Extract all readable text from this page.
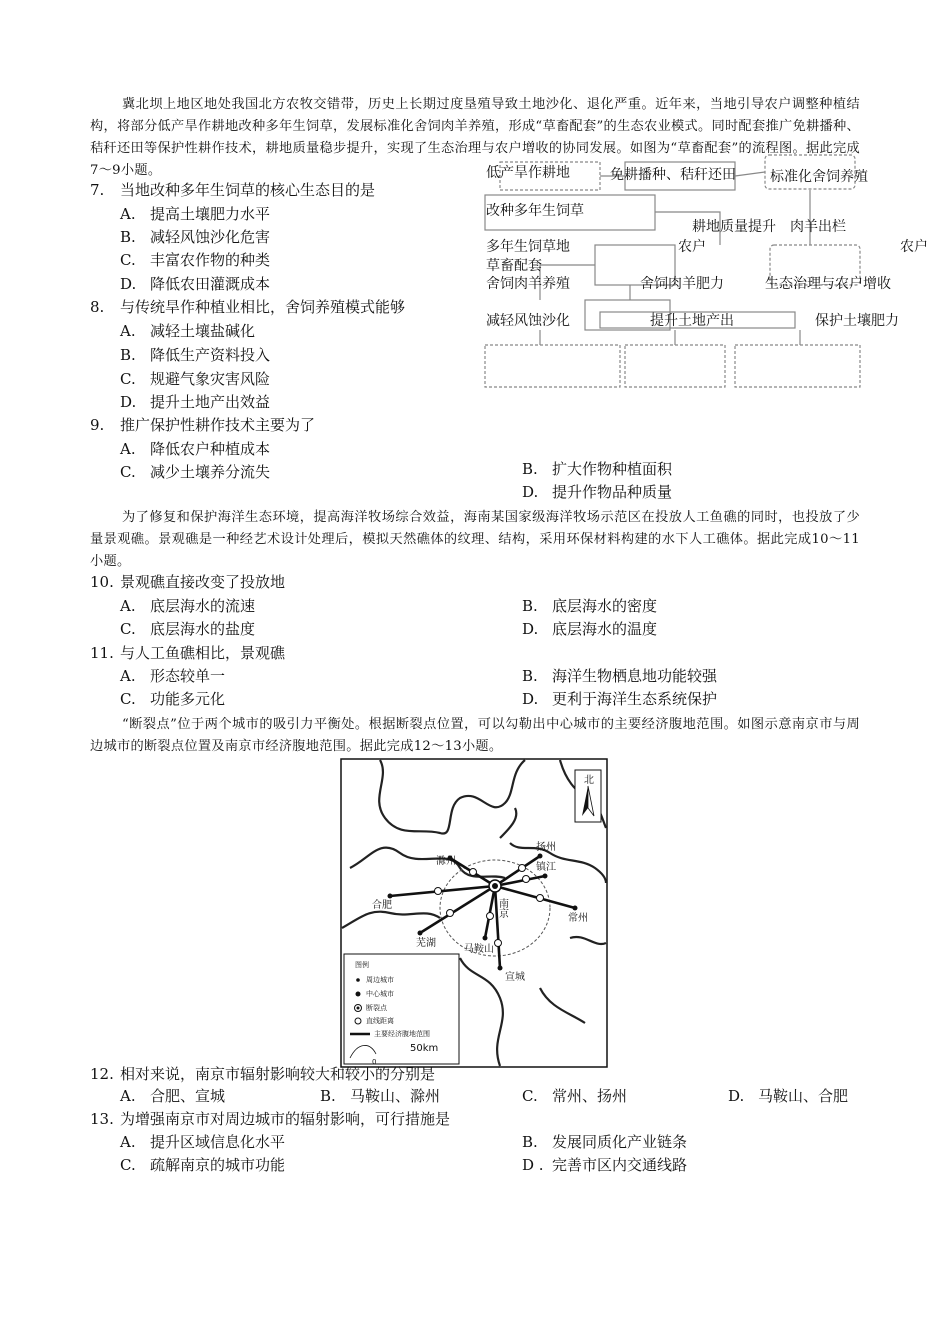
冀北坝上地区地处我国北方农牧交错带，历史上长期过度垦殖导致土地沙化、退化严重。近年来，当地引导农户调整种植结构，将部分低产旱作耕地改种多年生饲草，发展标准化舍饲肉羊养殖，形成“草畜配套”的生态农业模式。同时配套推广免耕播种、秸秆还田等保护性耕作技术，耕地质量稳步提升，实现了生态治理与农户增收的协同发展。如图为“草畜配套”的流程图。据此完成7～9小题。	低产旱作耕地	免耕播种、秸秆还田 标准化舍饲养殖
改种多年生饲草
耕地质量提升 肉羊出栏
多年生饲草地	农户	农户
草畜配套
舍饲肉羊养殖	舍饲肉羊肥力	生态治理与农户增收
减轻风蚀沙化	提升土地产出	保护土壤肥力
7. 当地改种多年生饲草的核心生态目的是
A. 提高土壤肥力水平
B. 减轻风蚀沙化危害
C. 丰富农作物的种类
D. 降低农田灌溉成本
8. 与传统旱作种植业相比，舍饲养殖模式能够
A. 减轻土壤盐碱化
B. 降低生产资料投入
C. 规避气象灾害风险
D. 提升土地产出效益
9. 推广保护性耕作技术主要为了
A. 降低农户种植成本
C. 减少土壤养分流失	B. 扩大作物种植面积
D. 提升作物品种质量

为了修复和保护海洋生态环境，提高海洋牧场综合效益，海南某国家级海洋牧场示范区在投放人工鱼礁的同时，也投放了少量景观礁。景观礁是一种经艺术设计处理后，模拟天然礁体的纹理、结构，采用环保材料构建的水下人工礁体。据此完成10～11小题。

10. 景观礁直接改变了投放地
A. 底层海水的流速	B. 底层海水的密度
C. 底层海水的盐度	D. 底层海水的温度
11. 与人工鱼礁相比，景观礁
A. 形态较单一	B. 海洋生物栖息地功能较强
C. 功能多元化	D. 更利于海洋生态系统保护

“断裂点”位于两个城市的吸引力平衡处。根据断裂点位置，可以勾勒出中心城市的主要经济腹地范围。如图示意南京市与周边城市的断裂点位置及南京市经济腹地范围。据此完成12～13小题。

北
滁州
扬州
镇江
合肥	南京
常州
芜湖
马鞍山
宣城
图例
周边城市
中心城市
断裂点
直线距离
主要经济腹地范围
50km
0
12. 相对来说，南京市辐射影响较大和较小的分别是
A. 合肥、宣城	B. 马鞍山、滁州	C. 常州、扬州	D. 马鞍山、合肥
13. 为增强南京市对周边城市的辐射影响，可行措施是
A. 提升区域信息化水平	B. 发展同质化产业链条
C. 疏解南京的城市功能	D . 完善市区内交通线路
